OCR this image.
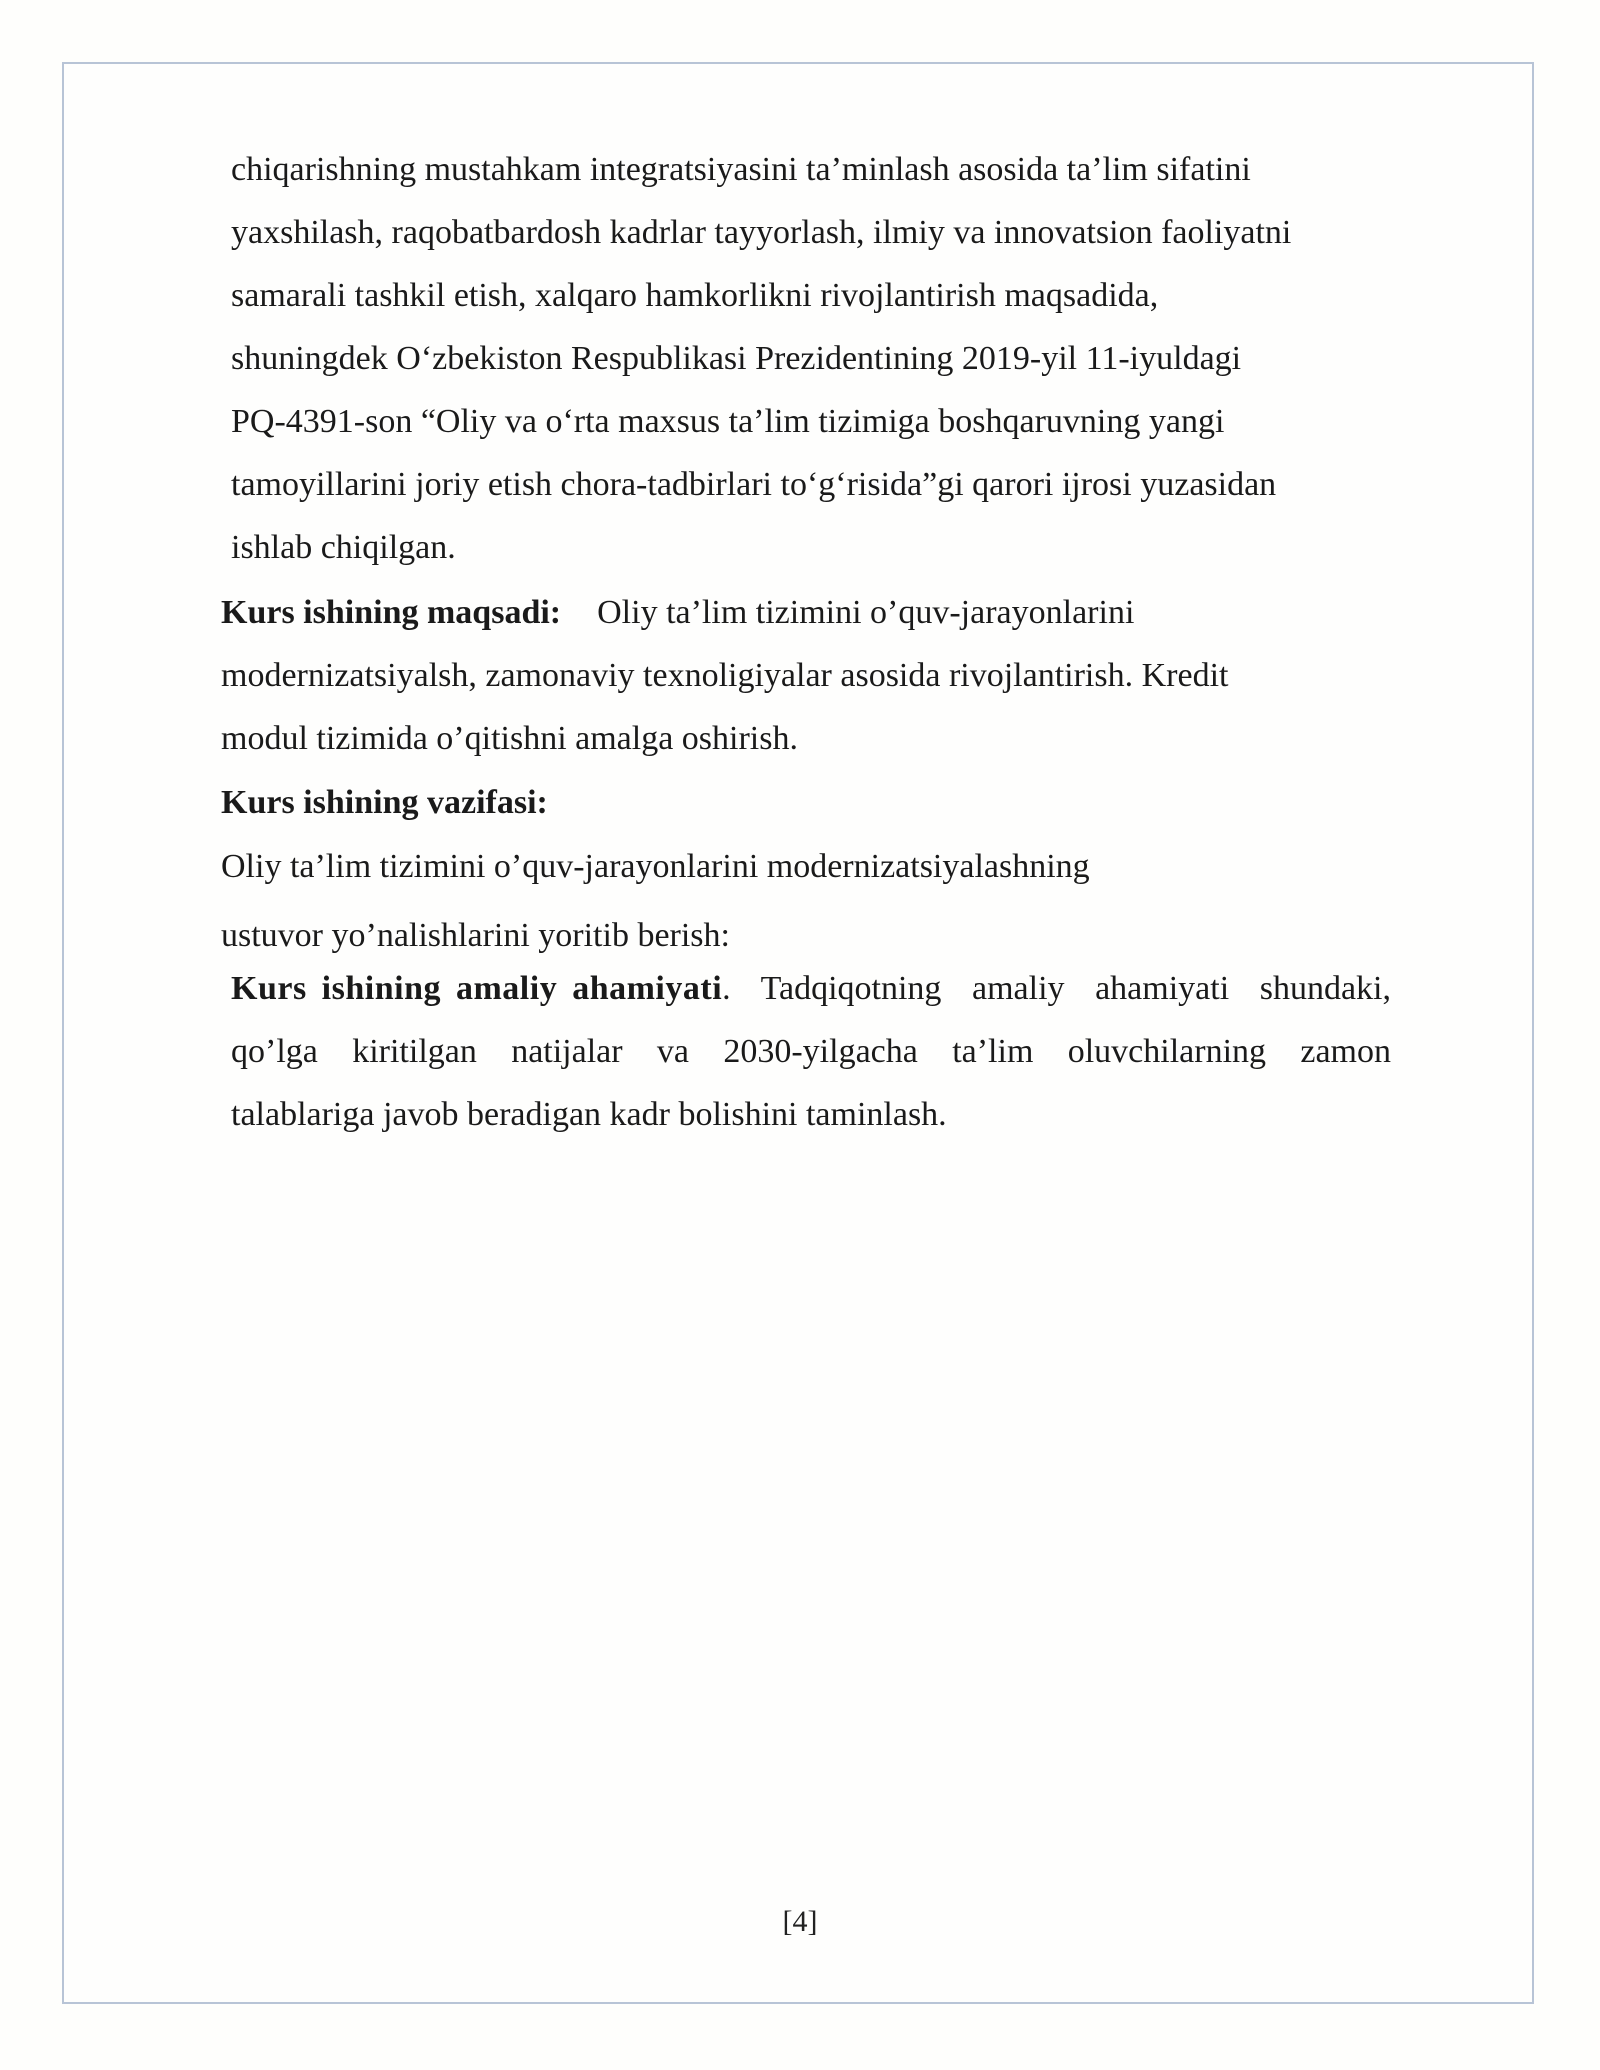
chiqarishning mustahkam integratsiyasini ta’minlash asosida ta’lim sifatini
yaxshilash, raqobatbardosh kadrlar tayyorlash, ilmiy va innovatsion faoliyatni
samarali tashkil etish, xalqaro hamkorlikni rivojlantirish maqsadida,
shuningdek O‘zbekiston Respublikasi Prezidentining 2019-yil 11-iyuldagi
PQ-4391-son “Oliy va o‘rta maxsus ta’lim tizimiga boshqaruvning yangi
tamoyillarini joriy etish chora-tadbirlari to‘g‘risida”gi qarori ijrosi yuzasidan
ishlab chiqilgan.
Kurs ishining maqsadi: Oliy ta’lim tizimini o’quv-jarayonlarini
modernizatsiyalsh, zamonaviy texnoligiyalar asosida rivojlantirish. Kredit
modul tizimida o’qitishni amalga oshirish.
Kurs ishining vazifasi:
Oliy ta’lim tizimini o’quv-jarayonlarini modernizatsiyalashning
ustuvor yo’nalishlarini yoritib berish:
Kurs ishining amaliy ahamiyati . Tadqiqotning amaliy ahamiyati shundaki,
qo’lga kiritilgan natijalar va 2030-yilgacha ta’lim oluvchilarning zamon
talablariga javob beradigan kadr bolishini taminlash.
[4]
